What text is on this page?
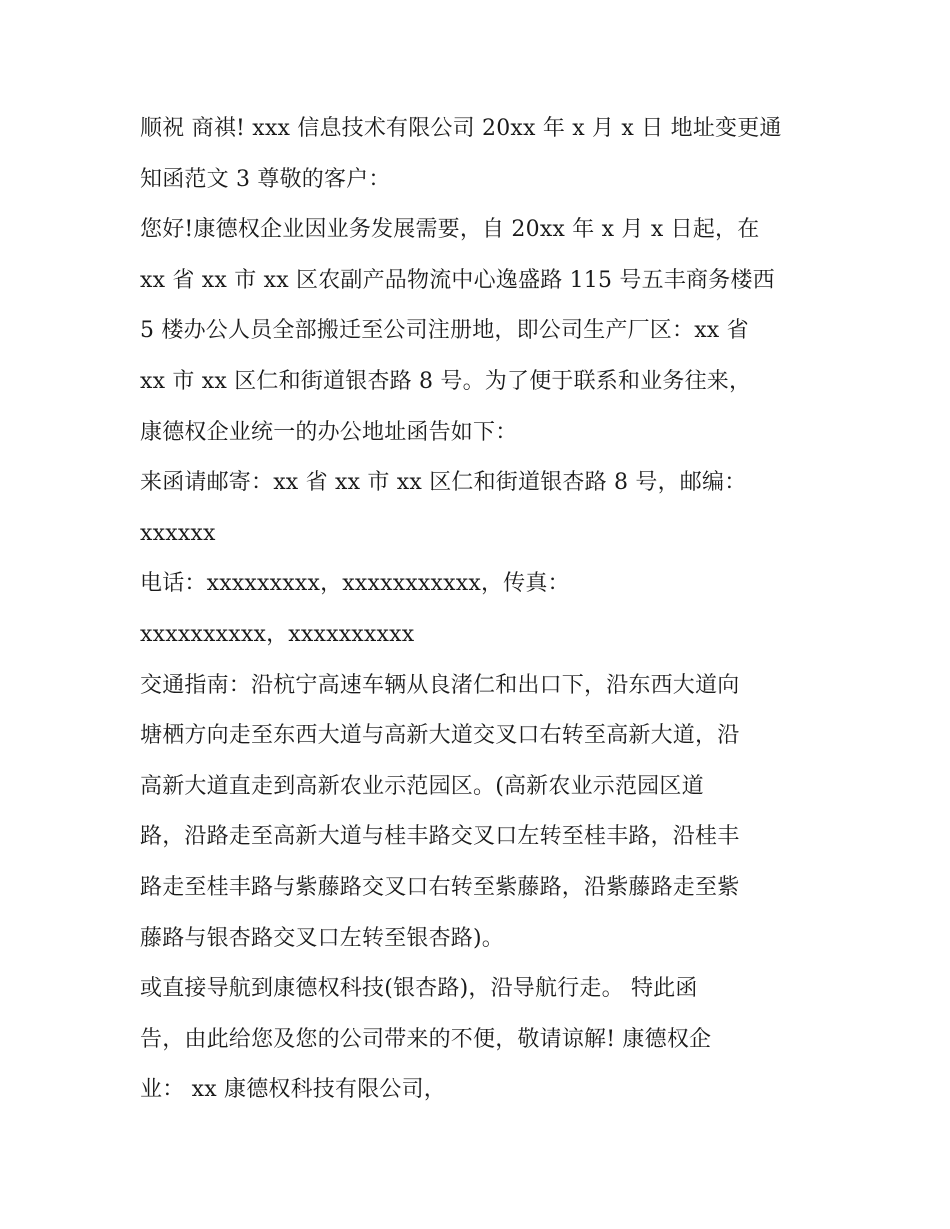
顺祝 商祺! xxx 信息技术有限公司 20xx 年 x 月 x 日 地址变更通
知函范文 3 尊敬的客户：
您好!康德权企业因业务发展需要，自 20xx 年 x 月 x 日起，在
xx 省 xx 市 xx 区农副产品物流中心逸盛路 115 号五丰商务楼西
5 楼办公人员全部搬迁至公司注册地，即公司生产厂区：xx 省
xx 市 xx 区仁和街道银杏路 8 号。为了便于联系和业务往来，
康德权企业统一的办公地址函告如下：
来函请邮寄：xx 省 xx 市 xx 区仁和街道银杏路 8 号，邮编：
xxxxxx
电话：xxxxxxxxx，xxxxxxxxxxx，传真：
xxxxxxxxxx，xxxxxxxxxx
交通指南：沿杭宁高速车辆从良渚仁和出口下，沿东西大道向
塘栖方向走至东西大道与高新大道交叉口右转至高新大道，沿
高新大道直走到高新农业示范园区。(高新农业示范园区道
路，沿路走至高新大道与桂丰路交叉口左转至桂丰路，沿桂丰
路走至桂丰路与紫藤路交叉口右转至紫藤路，沿紫藤路走至紫
藤路与银杏路交叉口左转至银杏路)。
或直接导航到康德权科技(银杏路)，沿导航行走。 特此函
告，由此给您及您的公司带来的不便，敬请谅解! 康德权企
业： xx 康德权科技有限公司，
